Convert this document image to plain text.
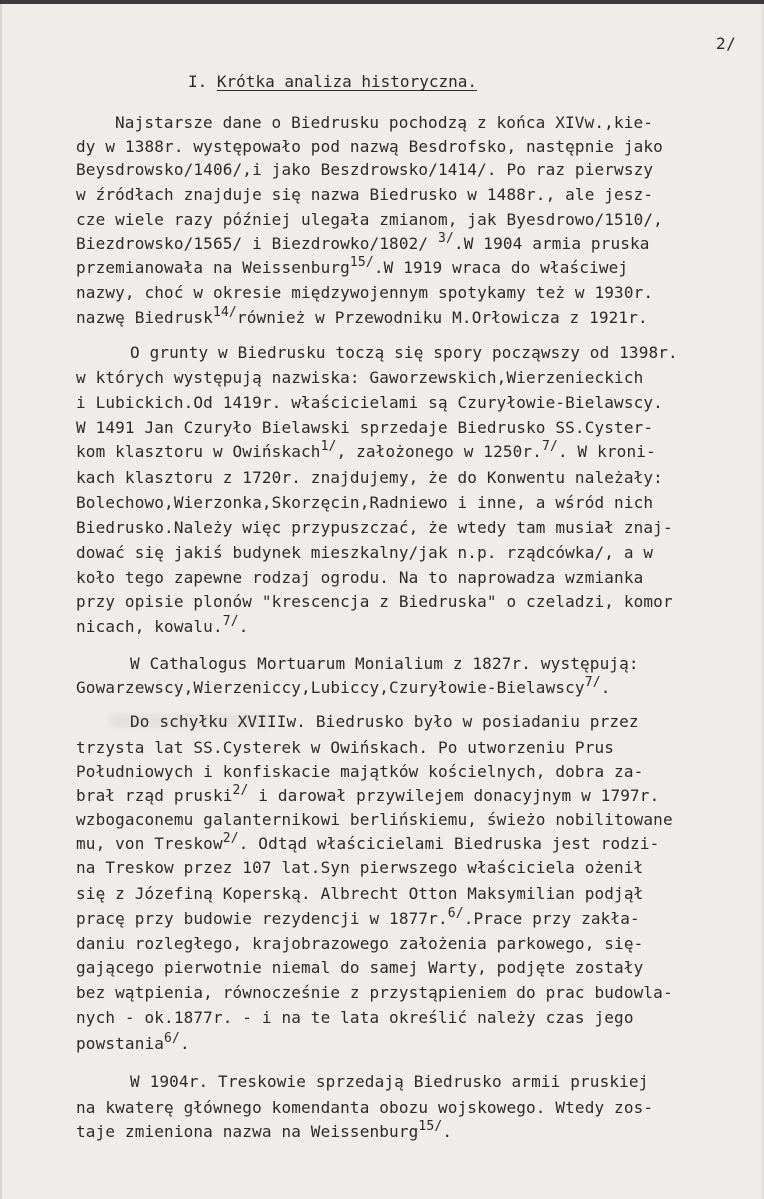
2/
I. Krótka analiza historyczna.
Najstarsze dane o Biedrusku pochodzą z końca XIVw.,kie-
dy w 1388r. występowało pod nazwą Besdrofsko, następnie jako
Beysdrowsko/1406/,i jako Beszdrowsko/1414/. Po raz pierwszy
w źródłach znajduje się nazwa Biedrusko w 1488r., ale jesz-
cze wiele razy później ulegała zmianom, jak Byesdrowo/1510/,
Biezdrowsko/1565/ i Biezdrowko/1802/ $^{3/}$.W 1904 armia pruska
przemianowała na Weissenburg$^{15/}$.W 1919 wraca do właściwej
nazwy, choć w okresie międzywojennym spotykamy też w 1930r.
nazwę Biedrusk$^{14/}$również w Przewodniku M.Orłowicza z 1921r.
O grunty w Biedrusku toczą się spory począwszy od 1398r.
w których występują nazwiska: Gaworzewskich,Wierzenieckich
i Lubickich.Od 1419r. właścicielami są Czuryłowie-Bielawscy.
W 1491 Jan Czuryło Bielawski sprzedaje Biedrusko SS.Cyster-
kom klasztoru w Owińskach$^{1/}$, założonego w 1250r.$^{7/}$. W kroni-
kach klasztoru z 1720r. znajdujemy, że do Konwentu należały:
Bolechowo,Wierzonka,Skorzęcin,Radniewo i inne, a wśród nich
Biedrusko.Należy więc przypuszczać, że wtedy tam musiał znaj-
dować się jakiś budynek mieszkalny/jak n.p. rządcówka/, a w
koło tego zapewne rodzaj ogrodu. Na to naprowadza wzmianka
przy opisie plonów "krescencja z Biedruska" o czeladzi, komor
nicach, kowalu.$^{7/}$.
W Cathalogus Mortuarum Monialium z 1827r. występują:
Gowarzewscy,Wierzeniccy,Lubiccy,Czuryłowie-Bielawscy$^{7/}$.
Do schyłku XVIIIw. Biedrusko było w posiadaniu przez
trzysta lat SS.Cysterek w Owińskach. Po utworzeniu Prus
Południowych i konfiskacie majątków kościelnych, dobra za-
brał rząd pruski$^{2/}$ i darował przywilejem donacyjnym w 1797r.
wzbogaconemu galanternikowi berlińskiemu, świeżo nobilitowane
mu, von Treskow$^{2/}$. Odtąd właścicielami Biedruska jest rodzi-
na Treskow przez 107 lat.Syn pierwszego właściciela ożenił
się z Józefiną Koperską. Albrecht Otton Maksymilian podjął
pracę przy budowie rezydencji w 1877r.$^{6/}$.Prace przy zakła-
daniu rozległego, krajobrazowego założenia parkowego, się-
gającego pierwotnie niemal do samej Warty, podjęte zostały
bez wątpienia, równocześnie z przystąpieniem do prac budowla-
nych - ok.1877r. - i na te lata określić należy czas jego
powstania$^{6/}$.
W 1904r. Treskowie sprzedają Biedrusko armii pruskiej
na kwaterę głównego komendanta obozu wojskowego. Wtedy zos-
taje zmieniona nazwa na Weissenburg$^{15/}$.
